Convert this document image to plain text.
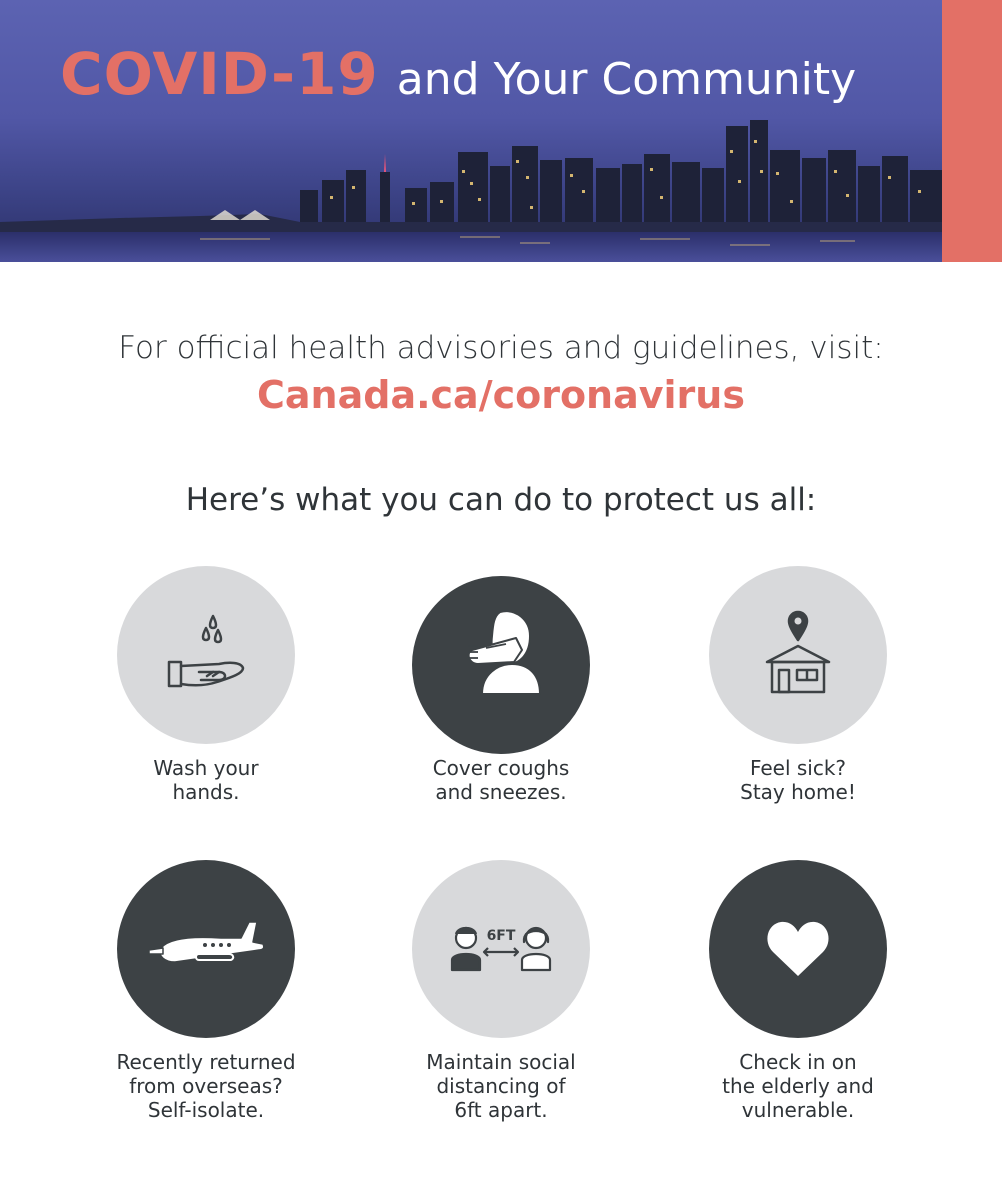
COVID-19 and Your Community
For official health advisories and guidelines, visit:
Canada.ca/coronavirus
Here’s what you can do to protect us all:
Wash your
hands.
Cover coughs
and sneezes.
Feel sick?
Stay home!
Recently returned
from overseas?
Self-isolate.
6FT
Maintain social
distancing of
6ft apart.
Check in on
the elderly and
vulnerable.
